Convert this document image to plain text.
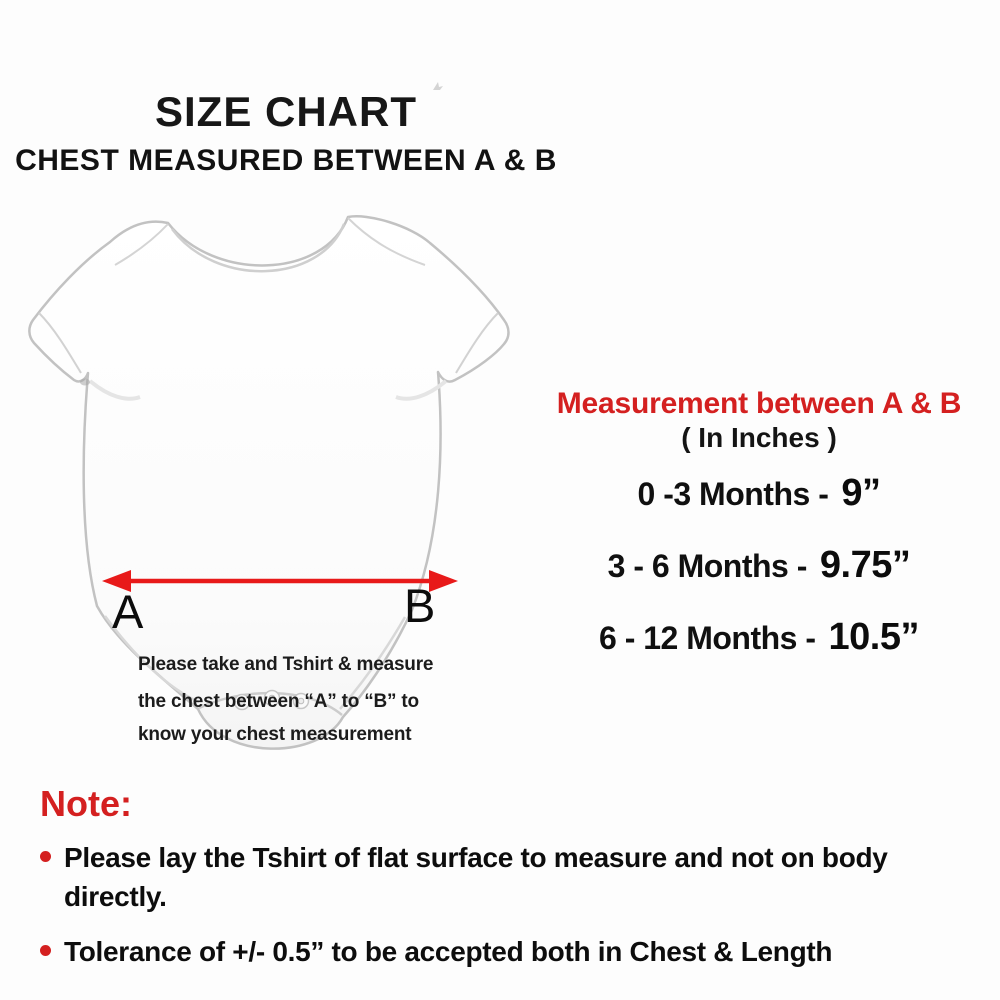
SIZE CHART
CHEST MEASURED BETWEEN A & B
A	B

Please take and Tshirt & measure

the chest between “A” to “B” to

know your chest measurement

Measurement between A & B
( In Inches )
0 -3 Months - 9”
3 - 6 Months - 9.75”
6 - 12 Months - 10.5”
Note:

Please lay the Tshirt of flat surface to measure and not on body directly.

Tolerance of +/- 0.5” to be accepted both in Chest & Length
